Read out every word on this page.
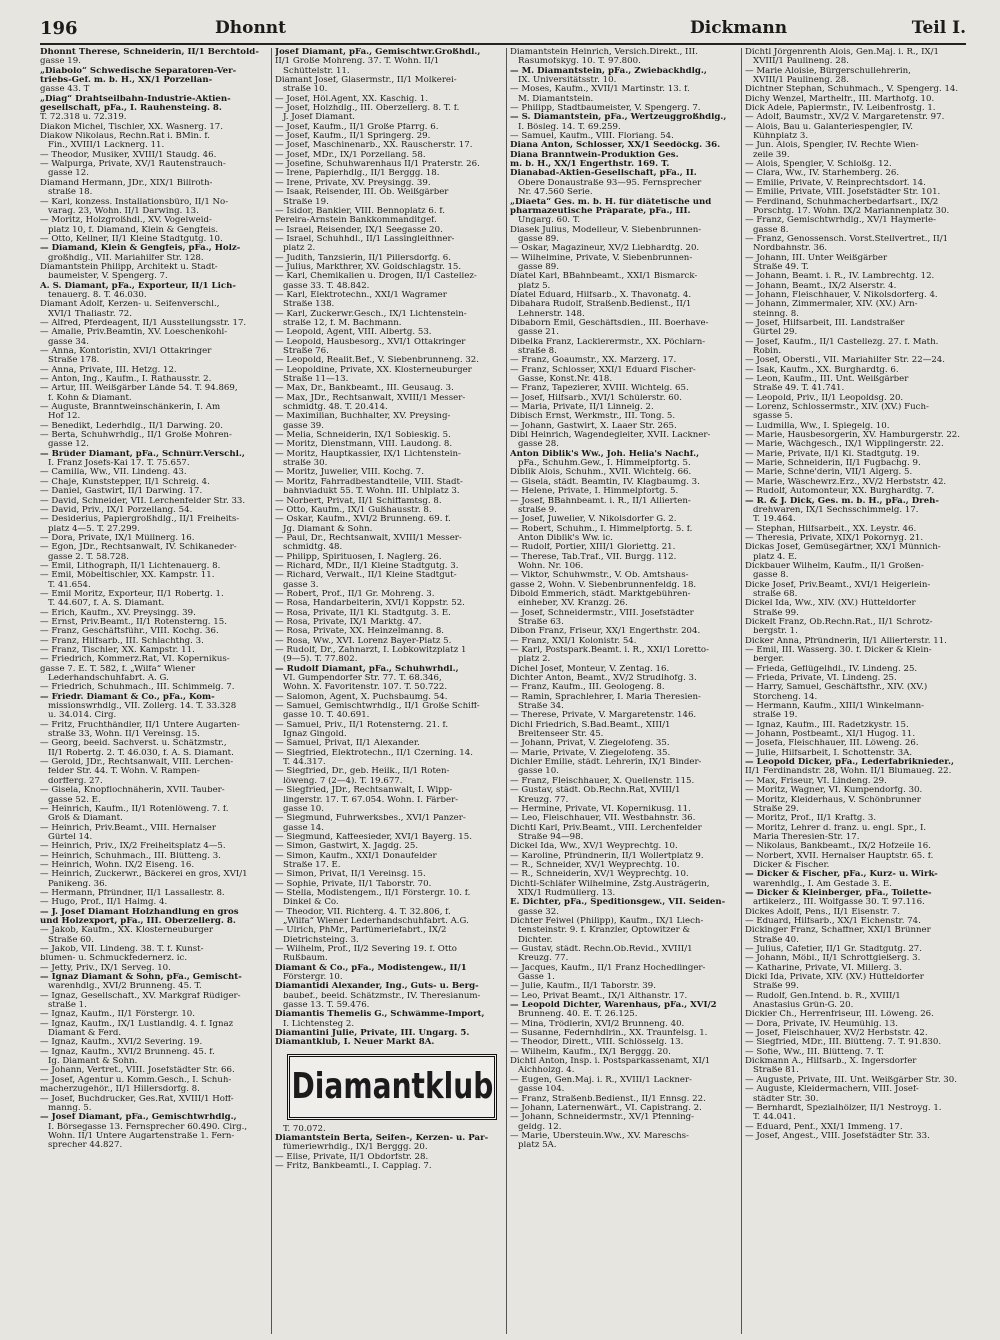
196	Dhonnt	Dickmann	Teil I.

Dhonnt Therese, Schneiderin, II/1 Berchtold-

gasse 19.

„Diabolo“ Schwedische Separatoren-Ver-

triebs-Gef. m. b. H., XX/1 Porzellan-

gasse 43. T

„Diag“ Drahtseilbahn-Industrie-Aktien-

gesellschaft, pFa., I. Rauhensteing. 8.

T. 72.318 u. 72.319.

Diakon Michel, Tischler, XX. Wasnerg. 17.

Diakow Nikolaus, Rechn.Rat i. BMin. f.

Fin., XVIII/1 Lacknerg. 11.

— Theodor, Musiker, XVIII/1 Staudg. 46.

— Walpurga, Private, XV/1 Rautenstrauch-

gasse 12.

Diamand Hermann, JDr., XIX/1 Billroth-

straße 18.

— Karl, konzess. Installationsbüro, II/1 No-

varag. 23, Wohn. II/1 Darwing. 13.

— Moritz, Holzgroßhdl., XV. Vogelweid-

platz 10, f. Diamand, Klein & Gengfeis.

— Otto, Kellner, II/1 Kleine Stadtgutg. 10.

— Diamand, Klein & Gengfeis, pFa., Holz-

großhdlg., VII. Mariahilfer Str. 128.

Diamantstein Philipp, Architekt u. Stadt-

baumeister, V. Spengerg. 7.

A. S. Diamant, pFa., Exporteur, II/1 Lich-

tenauerg. 8. T. 46.030.

Diamant Adolf, Kerzen- u. Seifenverschl.,

XVI/1 Thaliastr. 72.

— Alfred, Pferdeagent, II/1 Ausstellungsstr. 17.

— Amalie, Priv.Beamtin, XV. Loeschenkohl-

gasse 34.

— Anna, Kontoristin, XVI/1 Ottakringer

Straße 178.

— Anna, Private, III. Hetzg. 12.

— Anton, Ing., Kaufm., I. Rathausstr. 2.

— Artur, III. Weißgärber Lände 54. T. 94.869,

f. Kohn & Diamant.

— Auguste, Branntweinschänkerin, I. Am

Hof 12.

— Benedikt, Lederhdlg., II/1 Darwing. 20.

— Berta, Schuhwrhdlg., II/1 Große Mohren-

gasse 12.

— Brüder Diamant, pFa., Schnürr.Verschl.,

I. Franz Josefs-Kai 17. T. 75.657.

— Camilla, Ww., VII. Lindeng. 43.

— Chaje, Kunststepper, II/1 Schreig. 4.

— Daniel, Gastwirt, II/1 Darwing. 17.

— David, Schneider, VII. Lerchenfelder Str. 33.

— David, Priv., IX/1 Porzellang. 54.

— Desiderius, Papiergroßhdlg., II/1 Freiheits-

platz 4—5. T. 27.299.

— Dora, Private, IX/1 Müllnerg. 16.

— Egon, JDr., Rechtsanwalt, IV. Schikaneder-

gasse 2. T. 58.728.

— Emil, Lithograph, II/1 Lichtenauerg. 8.

— Emil, Möbeltischler, XX. Kampstr. 11.

T. 41.654.

— Emil Moritz, Exporteur, II/1 Robertg. 1.

T. 44.607, f. A. S. Diamant.

— Erich, Kaufm., XV. Preysingg. 39.

— Ernst, Priv.Beamt., II/1 Rotensterng. 15.

— Franz, Geschäftsführ., VIII. Kochg. 36.

— Franz, Hilfsarb., III. Schlachthg. 3.

— Franz, Tischler, XX. Kampstr. 11.

— Friedrich, Kommerz.Rat, VI. Kopernikus-

gasse 7. E. T. 582, f. „Wilfa“ Wiener

Lederhandschuhfabrt. A. G.

— Friedrich, Schuhmach., III. Schimmelg. 7.

— Friedr. Diamant & Co., pFa., Kom-

missionswrhdlg., VII. Zollerg. 14. T. 33.328

u. 34.014. Cirg.

— Fritz, Fruchthändler, II/1 Untere Augarten-

straße 33, Wohn. II/1 Vereinsg. 15.

— Georg, beeid. Sachverst. u. Schätzmstr.,

II/1 Robertg. 2. T. 46.030, f. A. S. Diamant.

— Gerold, JDr., Rechtsanwalt, VIII. Lerchen-

felder Str. 44. T. Wohn. V. Rampen-

dorfferg. 27.

— Gisela, Knopflochnäherin, XVII. Tauber-

gasse 52. E.

— Heinrich, Kaufm., II/1 Rotenlöweng. 7. f.

Groß & Diamant.

— Heinrich, Priv.Beamt., VIII. Hernalser

Gürtel 14.

— Heinrich, Priv., IX/2 Freiheitsplatz 4—5.

— Heinrich, Schuhmach., III. Blütteng. 3.

— Heinrich, Wohn. IX/2 Eiseng. 16.

— Heinrich, Zuckerwr., Bäckerei en gros, XVI/1

Panikeng. 36.

— Hermann, Pfründner, II/1 Lassallestr. 8.

— Hugo, Prof., II/1 Halmg. 4.

— J. Josef Diamant Holzhandlung en gros

und Holzexport, pFa., III. Oberzellerg. 8.

— Jakob, Kaufm., XX. Klosterneuburger

Straße 60.

— Jakob, VII. Lindeng. 38. T. f. Kunst-

blumen- u. Schmuckfedernerz. ic.

— Jetty, Priv., IX/1 Serveg. 10.

— Ignaz Diamant & Sohn, pFa., Gemischt-

warenhdlg., XVI/2 Brunneng. 45. T.

— Ignaz, Gesellschaft., XV. Markgraf Rüdiger-

straße 1.

— Ignaz, Kaufm., II/1 Förstergr. 10.

— Ignaz, Kaufm., IX/1 Lustlandlg. 4. f. Ignaz

Diamant & Ferd.

— Ignaz, Kaufm., XVI/2 Severing. 19.

— Ignaz, Kaufm., XVI/2 Brunneng. 45. f.

Ig. Diamant & Sohn.

— Johann, Vertret., VIII. Josefstädter Str. 66.

— Josef, Agentur u. Komm.Gesch., I. Schuh-

macherzugehör., II/1 Hillersdorfg. 8.

— Josef, Buchdrucker, Ges.Rat, XVIII/1 Hoff-

manng. 5.

— Josef Diamant, pFa., Gemischtwrhdlg.,

I. Börsegasse 13. Fernsprecher 60.490. Cirg.,

Wohn. II/1 Untere Augartenstraße 1. Fern-

sprecher 44.827.

Josef Diamant, pFa., Gemischtwr.Großhdl.,

II/1 Große Mohreng. 37. T. Wohn. II/1

Schüttelstr. 11.

Diamant Josef, Glasermstr., II/1 Molkerei-

straße 10.

— Josef, Höl.Agent, XX. Kaschig. 1.

— Josef, Holzhdlg., III. Oberzellerg. 8. T. f.

J. Josef Diamant.

— Josef, Kaufm., II/1 Große Pfarrg. 6.

— Josef, Kaufm., II/1 Springerg. 29.

— Josef, Maschinenarb., XX. Rauscherstr. 17.

— Josef, MDr., IX/1 Porzellang. 58.

— Josefine, Schuhwarenhaus II/1 Praterstr. 26.

— Irene, Papierhdlg., II/1 Berggg. 18.

— Irene, Private, XV. Preysingg. 39.

— Isaak, Reisender, III. Ob. Weißgärber

Straße 19.

— Isidor, Bankier, VIII. Bennoplatz 6. f.

Pereira-Arnstein Bankkommanditgef.

— Israel, Reisender, IX/1 Seegasse 20.

— Israel, Schuhhdl., II/1 Lassingleithner-

platz 2.

— Judith, Tanzsierin, II/1 Pillersdorfg. 6.

— Julius, Markthrer, XV. Goldschlagstr. 15.

— Karl, Chemikalien u. Drogen, II/1 Castellez-

gasse 33. T. 48.842.

— Karl, Elektrotechn., XXI/1 Wagramer

Straße 138.

— Karl, Zuckerwr.Gesch., IX/1 Lichtenstein-

straße 12, f. M. Bachmann.

— Leopold, Agent, VIII. Albertg. 53.

— Leopold, Hausbesorg., XVI/1 Ottakringer

Straße 76.

— Leopold, Realit.Bef., V. Siebenbrunneng. 32.

— Leopoldine, Private, XX. Klosterneuburger

Straße 11—13.

— Max, Dr., Bankbeamt., III. Geusaug. 3.

— Max, JDr., Rechtsanwalt, XVIII/1 Messer-

schmidtg. 48. T. 20.414.

— Maximilian, Buchhalter, XV. Preysing-

gasse 39.

— Melia, Schneiderin, IX/1 Sobieskig. 5.

— Moritz, Dienstmann, VIII. Laudong. 8.

— Moritz, Hauptkassier, IX/1 Lichtenstein-

straße 30.

— Moritz, Juwelier, VIII. Kochg. 7.

— Moritz, Fahrradbestandteile, VIII. Stadt-

bahnviadukt 55. T. Wohn. III. Uhlplatz 3.

— Norbert, Privat, II/1 Schiffamtsg. 8.

— Otto, Kaufm., IX/1 Gußhausstr. 8.

— Oskar, Kaufm., XVI/2 Brunneng. 69. f.

Jg. Diamant & Sohn.

— Paul, Dr., Rechtsanwalt, XVIII/1 Messer-

schmidtg. 48.

— Philipp, Spirituosen, I. Naglerg. 26.

— Richard, MDr., II/1 Kleine Stadtgutg. 3.

— Richard, Verwalt., II/1 Kleine Stadtgut-

gasse 3.

— Robert, Prof., II/1 Gr. Mohreng. 3.

— Rosa, Handarbeiterin, XVI/1 Koppstr. 52.

— Rosa, Private, II/1 Kl. Stadtgutg. 3. E.

— Rosa, Private, IX/1 Marktg. 47.

— Rosa, Private, XX. Heinzelmanng. 8.

— Rosa, Ww., XVI. Lorenz Bayer-Platz 5.

— Rudolf, Dr., Zahnarzt, I. Lobkowitzplatz 1

(9—5). T. 77.802.

— Rudolf Diamant, pFa., Schuhwrhdl.,

VI. Gumpendorfer Str. 77. T. 68.346,

Wohn. X. Favoritenstr. 107. T. 50.722.

— Salomon, Agent, X. Puchsbaumg. 54.

— Samuel, Gemischtwrhdlg., II/1 Große Schiff-

gasse 10. T. 40.691.

— Samuel, Priv., II/1 Rotensterng. 21. f.

Ignaz Gingold.

— Samuel, Privat, II/1 Alexander.

— Siegfried, Elektrotechn., II/1 Czerning. 14.

T. 44.317.

— Siegfried, Dr., geb. Heilk., II/1 Roten-

löweng. 7 (2—4). T. 19.677.

— Siegfried, JDr., Rechtsanwalt, I. Wipp-

lingerstr. 17. T. 67.054. Wohn. I. Färber-

gasse 10.

— Siegmund, Fuhrwerksbes., XVI/1 Panzer-

gasse 14.

— Siegmund, Kaffeesieder, XVI/1 Bayerg. 15.

— Simon, Gastwirt, X. Jagdg. 25.

— Simon, Kaufm., XXI/1 Donaufelder

Straße 17. E.

— Simon, Privat, II/1 Vereinsg. 15.

— Sophie, Private, II/1 Taborstr. 70.

— Stella, Modistengem., II/1 Förstergr. 10. f.

Dinkel & Co.

— Theodor, VII. Richterg. 4. T. 32.806, f.

„Wilfa“ Wiener Lederhandschuhfabrt. A.G.

— Ulrich, PhMr., Parfümeriefabrt., IX/2

Dietrichsteing. 3.

— Wilhelm, Prof., II/2 Severing 19. f. Otto

Rußbaum.

Diamant & Co., pFa., Modistengew., II/1

Förstergr. 10.

Diamantidi Alexander, Ing., Guts- u. Berg-

baubef., beeid. Schätzmstr., IV. Theresianum-

gasse 13. T. 59.476.

Diamantis Themelis G., Schwämme-Import,

I. Lichtensteg 2.

Diamantini Julie, Private, III. Ungarg. 5.

Diamantklub, I. Neuer Markt 8A.

Diamantklub

T. 70.072.

Diamantstein Berta, Seifen-, Kerzen- u. Par-

fümeriewrhdlg., IX/1 Berggg. 20.

— Elise, Private, II/1 Obdorfstr. 28.

— Fritz, Bankbeamtl., I. Capplag. 7.

Diamantstein Heinrich, Versich.Direkt., III.

Rasumofskyg. 10. T. 97.800.

— M. Diamantstein, pFa., Zwiebackhdlg.,

IX. Universitätsstr. 10.

— Moses, Kaufm., XVII/1 Martinstr. 13. f.

M. Diamantstein.

— Philipp, Stadtbaumeister, V. Spengerg. 7.

— S. Diamantstein, pFa., Wertzeuggroßhdlg.,

I. Bösleg. 14. T. 69.259.

— Samuel, Kaufm., VIII. Floriang. 54.

Diana Anton, Schlosser, XX/1 Seedöckg. 36.

Diana Branntwein-Produktion Ges.

m. b. H., XX/1 Engerthstr. 169. T.

Dianabad-Aktien-Gesellschaft, pFa., II.

Obere Donaustraße 93—95. Fernsprecher

Nr. 47.560 Serie.

„Diaeta“ Ges. m. b. H. für diätetische und

pharmazeutische Präparate, pFa., III.

Ungarg. 60. T.

Diasek Julius, Modelleur, V. Siebenbrunnen-

gasse 89.

— Oskar, Magazineur, XV/2 Liebhardtg. 20.

— Wilhelmine, Private, V. Siebenbrunnen-

gasse 89.

Diatel Karl, BBahnbeamt., XXI/1 Bismarck-

platz 5.

Diatel Eduard, Hilfsarb., X. Thavonatg. 4.

Dibahara Rudolf, Straßenb.Bedienst., II/1

Lehnerstr. 148.

Dibaborn Emil, Geschäftsdien., III. Boerhave-

gasse 21.

Dibelka Franz, Lackierermstr., XX. Pöchlarn-

straße 8.

— Franz, Goaumstr., XX. Marzerg. 17.

— Franz, Schlosser, XXI/1 Eduard Fischer-

Gasse, Konst.Nr. 418.

— Franz, Tapezierer, XVIII. Wichtelg. 65.

— Josef, Hilfsarb., XVI/1 Schülerstr. 60.

— Maria, Private, II/1 Linneig. 2.

Dibisch Ernst, Werkmstr., III. Tong. 5.

— Johann, Gastwirt, X. Laaer Str. 265.

Dibl Heinrich, Wagendegleiter, XVII. Lackner-

gasse 28.

Anton Diblik's Ww., Joh. Helia's Nachf.,

pFa., Schuhm.Gew., I. Himmelpfortg. 5.

Diblik Alois, Schuhm., XVII. Wichtelg. 66.

— Gisela, städt. Beamtin, IV. Klagbaumg. 3.

— Helene, Private, I. Himmelpfortg. 5.

— Josef, BBahnbeamt. i. R., II/1 Allierten-

straße 9.

— Josef, Juwelier, V. Nikolsdorfer G. 2.

— Robert, Schuhm., I. Himmelpfortg. 5. f.

Anton Diblik's Ww. ic.

— Rudolf, Portier, XIII/1 Gloriettg. 21.

— Therese, Tab.Traf., VII. Burgg. 112.

Wohn. Nr. 106.

— Viktor, Schuhwmstr., V. Ob. Amtshaus-

gasse 2, Wohn. V. Siebenbrunnenfeldg. 18.

Dibold Emmerich, städt. Marktgebühren-

einheber, XV. Kranzg. 26.

— Josef, Schneidermstr., VIII. Josefstädter

Straße 63.

Dibon Franz, Friseur, XX/1 Engerthstr. 204.

— Franz, XXI/1 Kolonistr. 54.

— Karl, Postspark.Beamt. i. R., XXI/1 Loretto-

platz 2.

Dichel Josef, Monteur, V. Zentag. 16.

Dichter Anton, Beamt., XV/2 Strudlhofg. 3.

— Franz, Kaufm., III. Geologeng. 8.

— Ramin, Sprachlehrer, I. Maria Theresien-

Straße 34.

— Therese, Private, V. Margaretenstr. 146.

Dichl Friedrich, S.Bad.Beamt., XIII/1

Breitenseer Str. 45.

— Johann, Privat, V. Ziegelofeng. 35.

— Marie, Private, V. Ziegelofeng. 35.

Dichler Emilie, städt. Lehrerin, IX/1 Binder-

gasse 10.

— Franz, Fleischhauer, X. Quellenstr. 115.

— Gustav, städt. Ob.Rechn.Rat, XVIII/1

Kreuzg. 77.

— Hermine, Private, VI. Kopernikusg. 11.

— Leo, Fleischhauer, VII. Westbahnstr. 36.

Dichtl Karl, Priv.Beamt., VIII. Lerchenfelder

Straße 94—98.

Dickel Ida, Ww., XV/1 Weyprechtg. 10.

— Karoline, Pfründnerin, II/1 Wollertplatz 9.

— R., Schneider, XV/1 Weyprechtg. 10.

— R., Schneiderin, XV/1 Weyprechtg. 10.

Dichtl-Schläfer Wilhelmine, Zstg.Austrägerin,

XIX/1 Rudmüllerg. 13.

E. Dichter, pFa., Speditionsgew., VII. Seiden-

gasse 32.

Dichter Feiwel (Philipp), Kaufm., IX/1 Liech-

tensteinstr. 9. f. Kranzler, Optowitzer &

Dichter.

— Gustav, städt. Rechn.Ob.Revid., XVIII/1

Kreuzg. 77.

— Jacques, Kaufm., II/1 Franz Hochedlinger-

Gasse 1.

— Julie, Kaufm., II/1 Taborstr. 39.

— Leo, Privat Beamt., IX/1 Althanstr. 17.

— Leopold Dichter, Warenhaus, pFa., XVI/2

Brunneng. 40. E. T. 26.125.

— Mina, Trödlerin, XVI/2 Brunneng. 40.

— Susanne, Federnhdlrin., XX. Traunfelsg. 1.

— Theodor, Dirett., VIII. Schlösselg. 13.

— Wilhelm, Kaufm., IX/1 Berggg. 20.

Dichtl Anton, Insp. i. Postsparkassenamt, XI/1

Aichholzg. 4.

— Eugen, Gen.Maj. i. R., XVIII/1 Lackner-

gasse 104.

— Franz, Straßenb.Bedienst., II/1 Ennsg. 22.

— Johann, Laternenwärt., VI. Capistrang. 2.

— Johann, Schneidermstr., XV/1 Pfenning-

geldg. 12.

— Marie, Übersteuin.Ww., XV. Mareschs-

platz 5A.

Dichtl Jörgenrenth Alois, Gen.Maj. i. R., IX/1

XVIII/1 Paulineng. 28.

— Marie Aloisie, Bürgerschullehrerin,

XVIII/1 Paulineng. 28.

Dichtner Stephan, Schuhmach., V. Spengerg. 14.

Dichy Wenzel, Marthelfr., III. Marthofg. 10.

Dick Adele, Papiermstr., IV. Leibenfrostg. 1.

— Adolf, Baumstr., XV/2 V. Margaretenstr. 97.

— Alois, Bau u. Galanteriespengler, IV.

Kühnplatz 3.

— Jun. Alois, Spengler, IV. Rechte Wien-

zeile 39.

— Alois, Spengler, V. Schloßg. 12.

— Clara, Ww., IV. Starhemberg. 26.

— Emilie, Private, V. Reinprechtsdorf. 14.

— Emilie, Private, VIII. Josefstädter Str. 101.

— Ferdinand, Schuhmacherbedarfsart., IX/2

Porschtg. 17. Wohn. IX/2 Mariannenplatz 30.

— Franz, Gemischtwrhdlg., XV/1 Haymerle-

gasse 8.

— Franz, Genossensch. Vorst.Stellvertret., II/1

Nordbahnstr. 36.

— Johann, III. Unter Weißgärber

Straße 49. T.

— Johann, Beamt. i. R., IV. Lambrechtg. 12.

— Johann, Beamt., IX/2 Alserstr. 4.

— Johann, Fleischhauer, V. Nikolsdorferg. 4.

— Johann, Zimmermaler, XIV. (XV.) Arn-

steinng. 8.

— Josef, Hilfsarbeit, III. Landstraßer

Gürtel 29.

— Josef, Kaufm., II/1 Castellezg. 27. f. Math.

Robin.

— Josef, Oberstl., VII. Mariahilfer Str. 22—24.

— Isak, Kaufm., XX. Burghardtg. 6.

— Leon, Kaufm., III. Unt. Weißgärber

Straße 49. T. 41.741.

— Leopold, Priv., II/1 Leopoldsg. 20.

— Lorenz, Schlossermstr., XIV. (XV.) Fuch-

sgasse 5.

— Ludmilla, Ww., I. Spiegelg. 10.

— Marie, Hausbesorgerin, XV. Hamburgerstr. 22.

— Marie, Wächgesch., IX/1 Wipplingerstr. 22.

— Marie, Private, II/1 Kl. Stadtgutg. 19.

— Marie, Schneiderin, II/1 Fugbachg. 9.

— Marie, Schne'derin, VII/1 Algerg. 5.

— Marie, Wäschewrz.Erz., XV/2 Herbststr. 42.

— Rudolf, Automonteur, XX. Burghardtg. 7.

— R. & J. Dick, Ges. m. b. H., pFa., Dreh-

drehwaren, IX/1 Sechsschimmelg. 17.

T. 19.464.

— Stephan, Hilfsarbeit., XX. Leystr. 46.

— Theresia, Private, XIX/1 Pokornyg. 21.

Dickas Josef, Gemüsegärtner, XX/1 Münnich-

platz 4. E.

Dickbauer Wilhelm, Kaufm., II/1 Großen-

gasse 8.

Dicke Josef, Priv.Beamt., XVI/1 Heigerlein-

straße 68.

Dickel Ida, Ww., XIV. (XV.) Hütteldorfer

Straße 99.

Dickelt Franz, Ob.Rechn.Rat., II/1 Schrotz-

bergstr. 1.

Dicker Anna, Pfründnerin, II/1 Allierterstr. 11.

— Emil, III. Wasserg. 30. f. Dicker & Klein-

berger.

— Frieda, Geflügelhdl., IV. Lindeng. 25.

— Frieda, Private, VI. Lindeng. 25.

— Harry, Samuel, Geschäftsfhr., XIV. (XV.)

Storcheng. 14.

— Hermann, Kaufm., XIII/1 Winkelmann-

straße 19.

— Ignaz, Kaufm., III. Radetzkystr. 15.

— Johann, Postbeamt., XI/1 Hugog. 11.

— Josefa, Fleischhauer, III. Löweng. 26.

— Julie, Hilfsarbeit, I. Schottenstr. 3A.

— Leopold Dicker, pFa., Lederfabriknieder.,

II/1 Ferdinandstr. 28, Wohn. II/1 Blumaueg. 22.

— Max, Friseur, VI. Lindeng. 29.

— Moritz, Wagner, VI. Kumpendorfg. 30.

— Moritz, Kleiderhaus, V. Schönbrunner

Straße 29.

— Moritz, Prof., II/1 Kraftg. 3.

— Moritz, Lehrer d. franz. u. engl. Spr., I.

Maria Theresien-Str. 17.

— Nikolaus, Bankbeamt., IX/2 Hofzeile 16.

— Norbert, XVII. Hernalser Hauptstr. 65. f.

Dicker & Fischer.

— Dicker & Fischer, pFa., Kurz- u. Wirk-

warenhdlg., I. Am Gestade 3. E.

— Dicker & Kleinberger, pFa., Toilette-

artikelerz., III. Wolfgasse 30. T. 97.116.

Dickes Adolf, Pens., II/1 Eisenstr. 7.

— Eduard, Hilfsarb., XX/1 Eichenstr. 74.

Dickinger Franz, Schaffner, XXI/1 Brünner

Straße 40.

— Julius, Cafetier, II/1 Gr. Stadtgutg. 27.

— Johann, Möbl., II/1 Schrottgießerg. 3.

— Katharine, Private, VI. Millerg. 3.

Dickl Ida, Private, XIV. (XV.) Hütteldorfer

Straße 99.

— Rudolf, Gen.Intend. b. R., XVIII/1

Anastasius Grün-G. 20.

Dickler Ch., Herrenfriseur, III. Löweng. 26.

— Dora, Private, IV. Heumühlg. 13.

— Josef, Fleischhauer, XV/2 Herbststr. 42.

— Siegfried, MDr., III. Blütteng. 7. T. 91.830.

— Sofie, Ww., III. Blütteng. 7. T.

Dickmann A., Hilfsarb., X. Ingersdorfer

Straße 81.

— Auguste, Private, III. Unt. Weißgärber Str. 30.

— Auguste, Kleidermachern, VIII. Josef-

städter Str. 30.

— Bernhardt, Spezialhölzer, II/1 Nestroyg. 1.

T. 44.041.

— Eduard, Penf., XXI/1 Immeng. 17.

— Josef, Angest., VIII. Josefstädter Str. 33.
